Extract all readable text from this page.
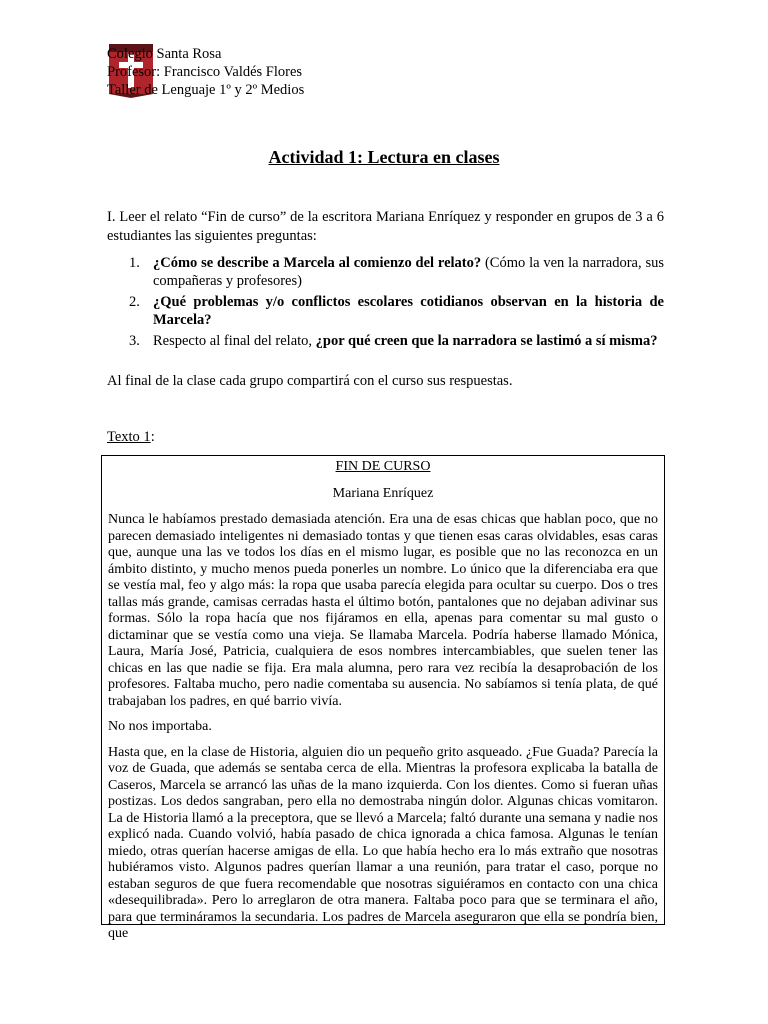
Colegio Santa Rosa
Profesor: Francisco Valdés Flores
Taller de Lenguaje 1º y 2º Medios
Actividad 1: Lectura en clases
I. Leer el relato “Fin de curso” de la escritora Mariana Enríquez y responder en grupos de 3 a 6 estudiantes las siguientes preguntas:
1. ¿Cómo se describe a Marcela al comienzo del relato? (Cómo la ven la narradora, sus compañeras y profesores)
2. ¿Qué problemas y/o conflictos escolares cotidianos observan en la historia de Marcela?
3. Respecto al final del relato, ¿por qué creen que la narradora se lastimó a sí misma?
Al final de la clase cada grupo compartirá con el curso sus respuestas.
Texto 1:
FIN DE CURSO
Mariana Enríquez

Nunca le habíamos prestado demasiada atención. Era una de esas chicas que hablan poco, que no parecen demasiado inteligentes ni demasiado tontas y que tienen esas caras olvidables, esas caras que, aunque una las ve todos los días en el mismo lugar, es posible que no las reconozca en un ámbito distinto, y mucho menos pueda ponerles un nombre. Lo único que la diferenciaba era que se vestía mal, feo y algo más: la ropa que usaba parecía elegida para ocultar su cuerpo. Dos o tres tallas más grande, camisas cerradas hasta el último botón, pantalones que no dejaban adivinar sus formas. Sólo la ropa hacía que nos fijáramos en ella, apenas para comentar su mal gusto o dictaminar que se vestía como una vieja. Se llamaba Marcela. Podría haberse llamado Mónica, Laura, María José, Patricia, cualquiera de esos nombres intercambiables, que suelen tener las chicas en las que nadie se fija. Era mala alumna, pero rara vez recibía la desaprobación de los profesores. Faltaba mucho, pero nadie comentaba su ausencia. No sabíamos si tenía plata, de qué trabajaban los padres, en qué barrio vivía.

No nos importaba.

Hasta que, en la clase de Historia, alguien dio un pequeño grito asqueado. ¿Fue Guada? Parecía la voz de Guada, que además se sentaba cerca de ella. Mientras la profesora explicaba la batalla de Caseros, Marcela se arrancó las uñas de la mano izquierda. Con los dientes. Como si fueran uñas postizas. Los dedos sangraban, pero ella no demostraba ningún dolor. Algunas chicas vomitaron. La de Historia llamó a la preceptora, que se llevó a Marcela; faltó durante una semana y nadie nos explicó nada. Cuando volvió, había pasado de chica ignorada a chica famosa. Algunas le tenían miedo, otras querían hacerse amigas de ella. Lo que había hecho era lo más extraño que nosotras hubiéramos visto. Algunos padres querían llamar a una reunión, para tratar el caso, porque no estaban seguros de que fuera recomendable que nosotras siguiéramos en contacto con una chica «desequilibrada». Pero lo arreglaron de otra manera. Faltaba poco para que se terminara el año, para que termináramos la secundaria. Los padres de Marcela aseguraron que ella se pondría bien, que
